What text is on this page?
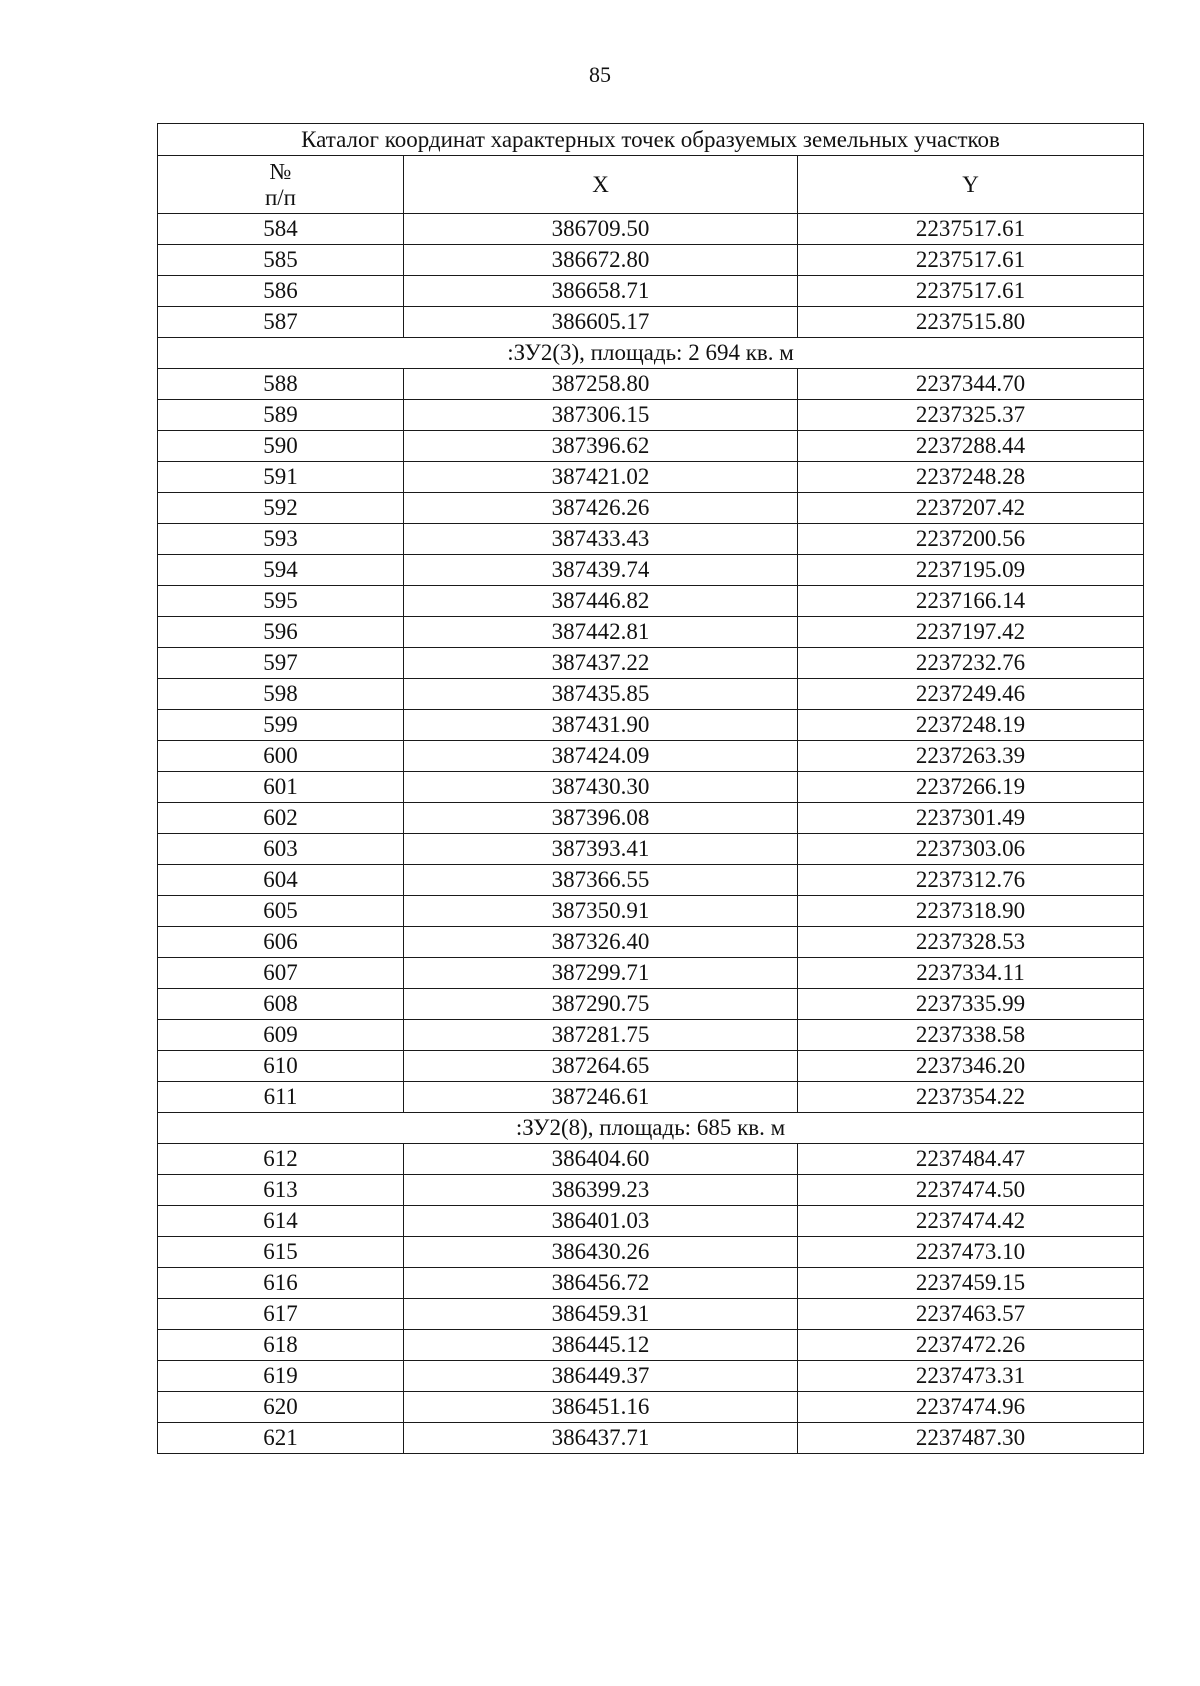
85
Каталог координат характерных точек образуемых земельных участков		

№
п/п	X	Y
584	386709.50	2237517.61
585	386672.80	2237517.61
586	386658.71	2237517.61
587	386605.17	2237515.80
:ЗУ2(3), площадь: 2 694 кв. м		
588	387258.80	2237344.70
589	387306.15	2237325.37
590	387396.62	2237288.44
591	387421.02	2237248.28
592	387426.26	2237207.42
593	387433.43	2237200.56
594	387439.74	2237195.09
595	387446.82	2237166.14
596	387442.81	2237197.42
597	387437.22	2237232.76
598	387435.85	2237249.46
599	387431.90	2237248.19
600	387424.09	2237263.39
601	387430.30	2237266.19
602	387396.08	2237301.49
603	387393.41	2237303.06
604	387366.55	2237312.76
605	387350.91	2237318.90
606	387326.40	2237328.53
607	387299.71	2237334.11
608	387290.75	2237335.99
609	387281.75	2237338.58
610	387264.65	2237346.20
611	387246.61	2237354.22
:ЗУ2(8), площадь: 685 кв. м		
612	386404.60	2237484.47
613	386399.23	2237474.50
614	386401.03	2237474.42
615	386430.26	2237473.10
616	386456.72	2237459.15
617	386459.31	2237463.57
618	386445.12	2237472.26
619	386449.37	2237473.31
620	386451.16	2237474.96
621	386437.71	2237487.30
